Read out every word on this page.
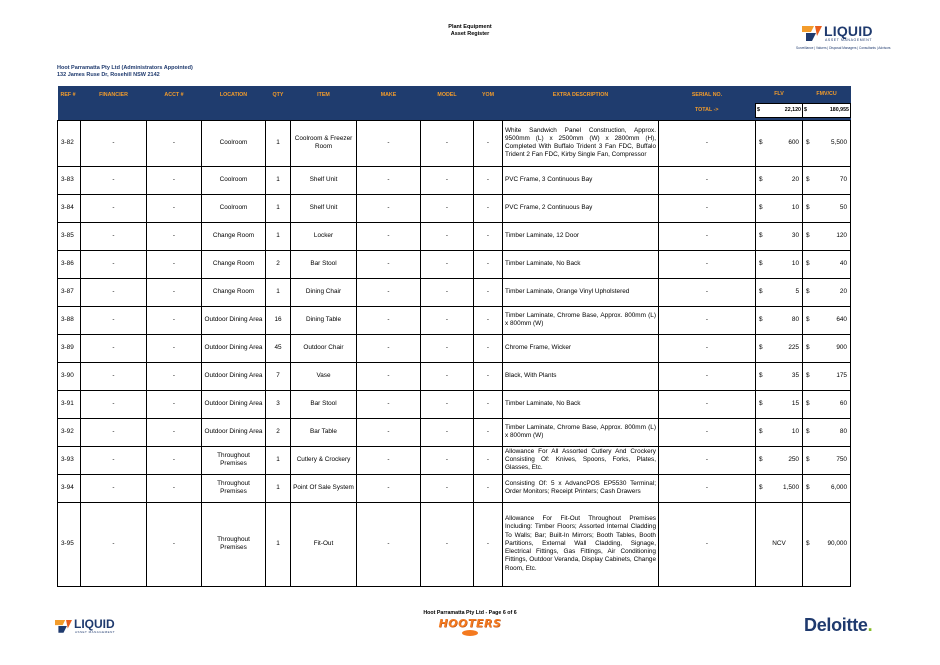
Plant Equipment
Asset Register	LIQUID
ASSET MANAGEMENT
Surveillance | Valuers | Disposal Managers | Consultants | Advisors
Hoot Parramatta Pty Ltd (Administrators Appointed)
132 James Ruse Dr, Rosehill NSW 2142
REF #	FINANCIER	ACCT #	LOCATION	QTY	ITEM	MAKE	MODEL	YOM	EXTRA DESCRIPTION	SERIAL NO.	FLV	FMV/CU
										TOTAL ->	$ 22,120	$ 180,955

3-82	-	-	Coolroom	1	Coolroom & Freezer Room	-	-	-	White Sandwich Panel Construction, Approx. 9500mm (L) x 2500mm (W) x 2800mm (H), Completed With Buffalo Trident 3 Fan FDC, Buffalo Trident 2 Fan FDC, Kirby Single Fan, Compressor	-	$ 600	$ 5,500

3-83	-	-	Coolroom	1	Shelf Unit	-	-	-	PVC Frame, 3 Continuous Bay	-	$ 20	$ 70

3-84	-	-	Coolroom	1	Shelf Unit	-	-	-	PVC Frame, 2 Continuous Bay	-	$ 10	$ 50

3-85	-	-	Change Room	1	Locker	-	-	-	Timber Laminate, 12 Door	-	$ 30	$ 120

3-86	-	-	Change Room	2	Bar Stool	-	-	-	Timber Laminate, No Back	-	$ 10	$ 40

3-87	-	-	Change Room	1	Dining Chair	-	-	-	Timber Laminate, Orange Vinyl Upholstered	-	$ 5	$ 20

3-88	-	-	Outdoor Dining Area	16	Dining Table	-	-	-	Timber Laminate, Chrome Base, Approx. 800mm (L) x 800mm (W)	-	$ 80	$ 640

3-89	-	-	Outdoor Dining Area	45	Outdoor Chair	-	-	-	Chrome Frame, Wicker	-	$ 225	$ 900

3-90	-	-	Outdoor Dining Area	7	Vase	-	-	-	Black, With Plants	-	$ 35	$ 175

3-91	-	-	Outdoor Dining Area	3	Bar Stool	-	-	-	Timber Laminate, No Back	-	$ 15	$ 60

3-92	-	-	Outdoor Dining Area	2	Bar Table	-	-	-	Timber Laminate, Chrome Base, Approx. 800mm (L) x 800mm (W)	-	$ 10	$ 80

3-93	-	-	Throughout Premises	1	Cutlery & Crockery	-	-	-	Allowance For All Assorted Cutlery And Crockery Consisting Of: Knives, Spoons, Forks, Plates, Glasses, Etc.	-	$ 250	$ 750

3-94	-	-	Throughout Premises	1	Point Of Sale System	-	-	-	Consisting Of: 5 x AdvancPOS EP5530 Terminal; Order Monitors; Receipt Printers; Cash Drawers	-	$ 1,500	$ 6,000

3-95	-	-	Throughout Premises	1	Fit-Out	-	-	-	Allowance For Fit-Out Throughout Premises Including: Timber Floors; Assorted Internal Cladding To Walls; Bar; Built-In Mirrors; Booth Tables, Booth Partitions, External Wall Cladding, Signage, Electrical Fittings, Gas Fittings, Air Conditioning Fittings, Outdoor Veranda, Display Cabinets, Change Room, Etc.	-	NCV	$ 90,000
Hoot Parramatta Pty Ltd - Page 6 of 6
LIQUID
ASSET MANAGEMENT
HOOTERS	Deloitte.
